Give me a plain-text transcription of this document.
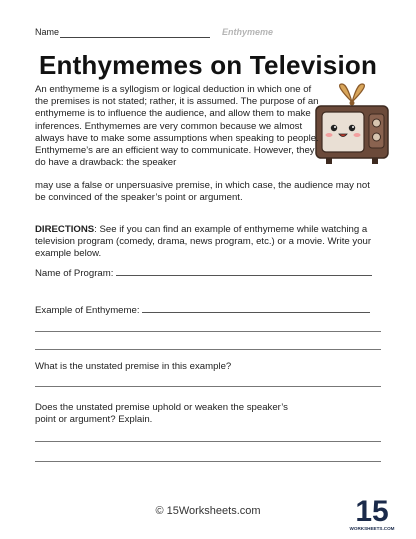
Name	Enthymeme
Enthymemes on Television
An enthymeme is a syllogism or logical deduction in which one of the premises is not stated; rather, it is assumed. The purpose of an enthymeme is to influence the audience, and allow them to make inferences. Enthymemes are very common because we almost always have to make some assumptions when speaking to people. Enthymeme’s are an efficient way to communicate. However, they do have a drawback: the speaker
may use a false or unpersuasive premise, in which case, the audience may not be convinced of the speaker’s point or argument.
DIRECTIONS: See if you can find an example of enthymeme while watching a television program (comedy, drama, news program, etc.) or a movie. Write your example below.
Name of Program:
Example of Enthymeme:
What is the unstated premise in this example?
Does the unstated premise uphold or weaken the speaker’s point or argument? Explain.
© 15Worksheets.com	15
WORKSHEETS.COM
